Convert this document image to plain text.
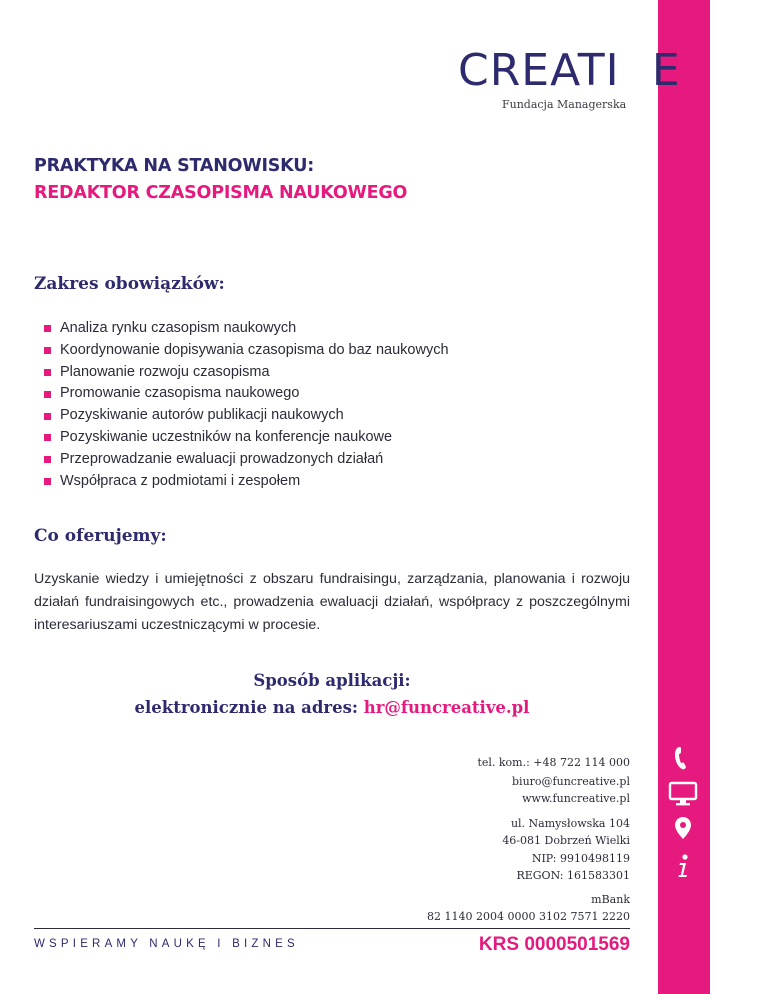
CREATI VE
Fundacja Managerska
PRAKTYKA NA STANOWISKU:
REDAKTOR CZASOPISMA NAUKOWEGO
Zakres obowiązków:
Analiza rynku czasopism naukowych
Koordynowanie dopisywania czasopisma do baz naukowych
Planowanie rozwoju czasopisma
Promowanie czasopisma naukowego
Pozyskiwanie autorów publikacji naukowych
Pozyskiwanie uczestników na konferencje naukowe
Przeprowadzanie ewaluacji prowadzonych działań
Współpraca z podmiotami i zespołem
Co oferujemy:

Uzyskanie wiedzy i umiejętności z obszaru fundraisingu, zarządzania, planowania i rozwoju działań fundraisingowych etc., prowadzenia ewaluacji działań, współpracy z poszczególnymi interesariuszami uczestniczącymi w procesie.

Sposób aplikacji:
elektronicznie na adres: hr@funcreative.pl
tel. kom.: +48 722 114 000
biuro@funcreative.pl
www.funcreative.pl
ul. Namysłowska 104
46-081 Dobrzeń Wielki
NIP: 9910498119
REGON: 161583301
mBank
82 1140 2004 0000 3102 7571 2220
WSPIERAMY NAUKĘ I BIZNES	KRS 0000501569
